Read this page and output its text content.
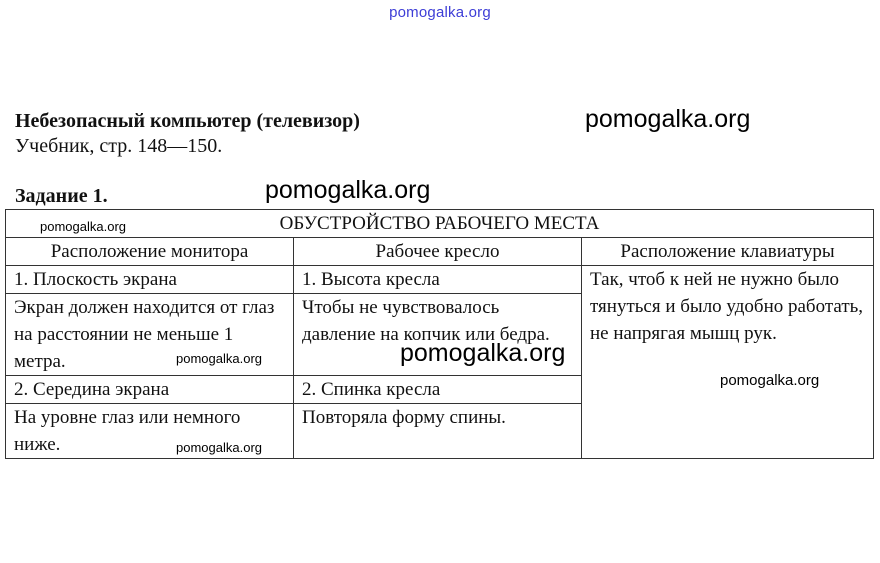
pomogalka.org
Небезопасный компьютер (телевизор)
Учебник, стр. 148—150.
Задание 1.
ОБУСТРОЙСТВО РАБОЧЕГО МЕСТА		
Расположение монитора	Рабочее кресло	Расположение клавиатуры
1. Плоскость экрана	1. Высота кресла	Так, чтоб к ней не нужно было тянуться и было удобно работать, не напрягая мышц рук.
Экран должен находится от глаз на расстоянии не меньше 1 метра.	Чтобы не чувствовалось давление на копчик или бедра.	
2. Середина экрана	2. Спинка кресла	
На уровне глаз или немного ниже.	Повторяла форму спины.	
pomogalka.org
pomogalka.org
pomogalka.org
pomogalka.org
pomogalka.org
pomogalka.org
pomogalka.org
